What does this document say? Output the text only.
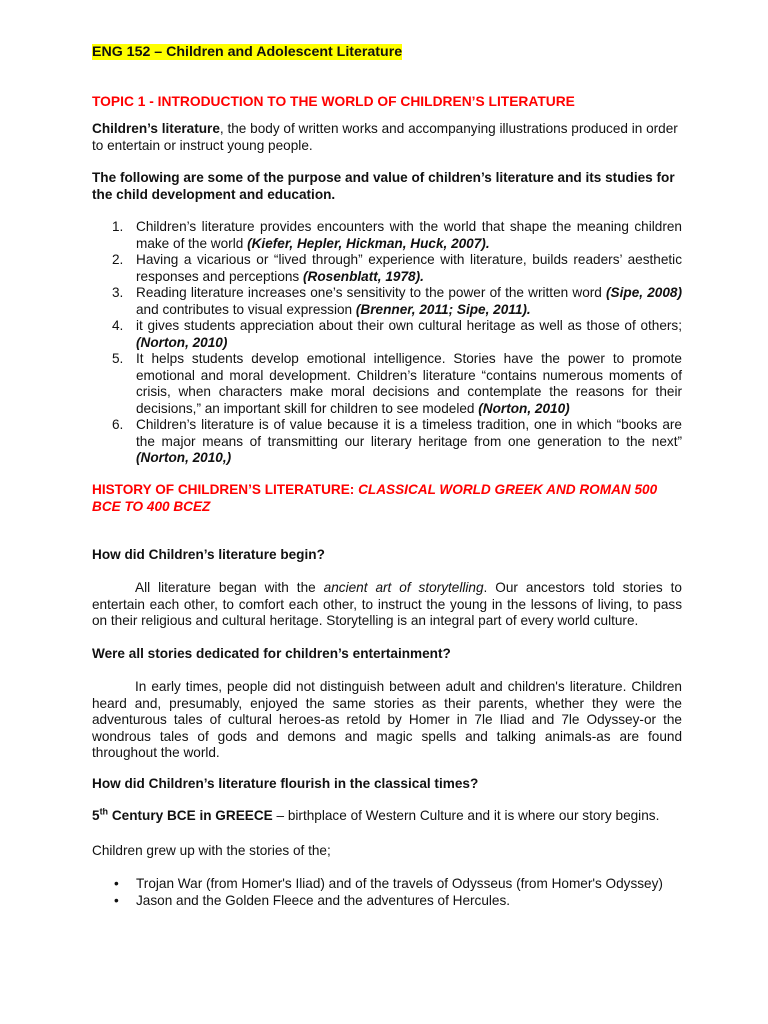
ENG 152 – Children and Adolescent Literature
TOPIC 1 - INTRODUCTION TO THE WORLD OF CHILDREN’S LITERATURE
Children’s literature, the body of written works and accompanying illustrations produced in order to entertain or instruct young people.
The following are some of the purpose and value of children’s literature and its studies for the child development and education.
1. Children’s literature provides encounters with the world that shape the meaning children make of the world (Kiefer, Hepler, Hickman, Huck, 2007).
2. Having a vicarious or “lived through” experience with literature, builds readers’ aesthetic responses and perceptions (Rosenblatt, 1978).
3. Reading literature increases one’s sensitivity to the power of the written word (Sipe, 2008) and contributes to visual expression (Brenner, 2011; Sipe, 2011).
4. it gives students appreciation about their own cultural heritage as well as those of others;(Norton, 2010)
5. It helps students develop emotional intelligence. Stories have the power to promote emotional and moral development. Children’s literature “contains numerous moments of crisis, when characters make moral decisions and contemplate the reasons for their decisions,” an important skill for children to see modeled (Norton, 2010)
6. Children’s literature is of value because it is a timeless tradition, one in which “books are the major means of transmitting our literary heritage from one generation to the next” (Norton, 2010,)
HISTORY OF CHILDREN’S LITERATURE: CLASSICAL WORLD GREEK AND ROMAN 500 BCE TO 400 BCEZ
How did Children’s literature begin?
All literature began with the ancient art of storytelling. Our ancestors told stories to entertain each other, to comfort each other, to instruct the young in the lessons of living, to pass on their religious and cultural heritage. Storytelling is an integral part of every world culture.
Were all stories dedicated for children’s entertainment?
In early times, people did not distinguish between adult and children's literature. Children heard and, presumably, enjoyed the same stories as their parents, whether they were the adventurous tales of cultural heroes-as retold by Homer in 7le Iliad and 7le Odyssey-or the wondrous tales of gods and demons and magic spells and talking animals-as are found throughout the world.
How did Children’s literature flourish in the classical times?
5th Century BCE in GREECE – birthplace of Western Culture and it is where our story begins.
Children grew up with the stories of the;
• Trojan War (from Homer's Iliad) and of the travels of Odysseus (from Homer's Odyssey)
• Jason and the Golden Fleece and the adventures of Hercules.
